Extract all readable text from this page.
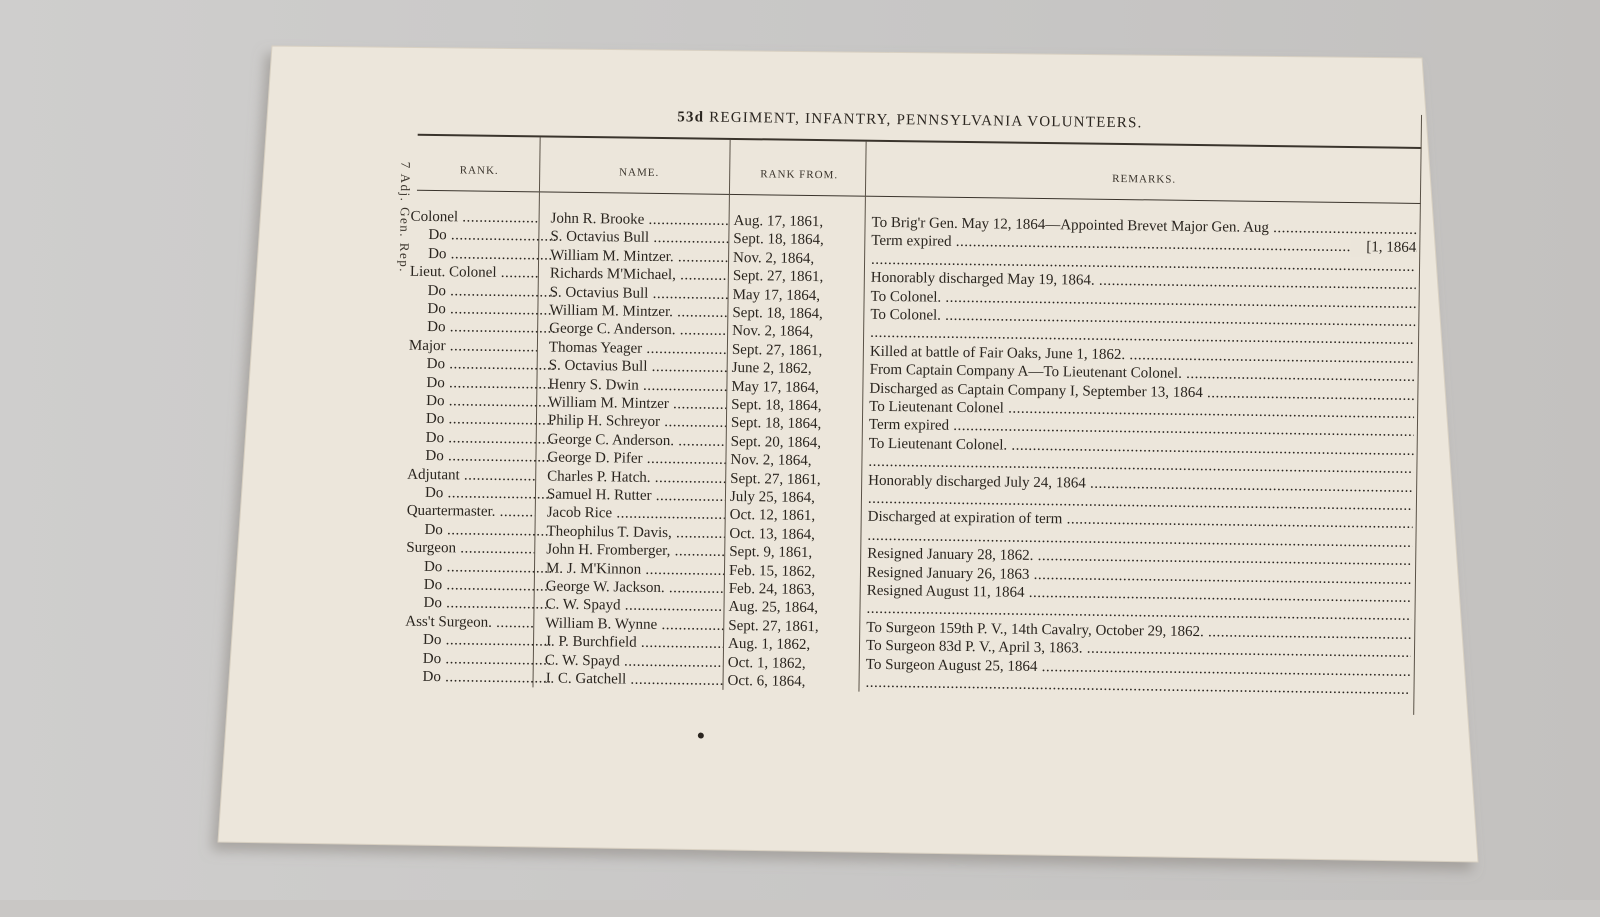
53d REGIMENT, INFANTRY, PENNSYLVANIA VOLUNTEERS.
7 Adj. Gen. Rep.	RANK.	NAME.	RANK FROM.	REMARKS.
Colonel .....	John R. Brooke .....	Aug. 17, 1861,	To Brig'r Gen. May 12, 1864—Appointed Brevet Major Gen. Aug .....
Do .....	S. Octavius Bull .....	Sept. 18, 1864,	Term expired .....	[1, 1864
Do .....	William M. Mintzer. .....	Nov. 2, 1864,
.....
Lieut. Colonel .....	Richards M'Michael, .....	Sept. 27, 1861,	Honorably discharged May 19, 1864. .....
Do .....	S. Octavius Bull .....	May 17, 1864,	To Colonel. .....
Do .....	William M. Mintzer. .....	Sept. 18, 1864,	To Colonel. .....
Do .....	George C. Anderson. .....	Nov. 2, 1864,
.....
Major .....	Thomas Yeager .....	Sept. 27, 1861,	Killed at battle of Fair Oaks, June 1, 1862. .....
Do .....	S. Octavius Bull .....	June 2, 1862,	From Captain Company A—To Lieutenant Colonel. .....
Do .....	Henry S. Dwin .....	May 17, 1864,	Discharged as Captain Company I, September 13, 1864 .....
Do .....	William M. Mintzer .....	Sept. 18, 1864,	To Lieutenant Colonel .....
Do .....	Philip H. Schreyor .....	Sept. 18, 1864,	Term expired .....
Do .....	George C. Anderson. .....	Sept. 20, 1864,	To Lieutenant Colonel. .....
Do .....	George D. Pifer .....	Nov. 2, 1864,
.....
Adjutant .....	Charles P. Hatch. .....	Sept. 27, 1861,	Honorably discharged July 24, 1864 .....
Do .....	Samuel H. Rutter .....	July 25, 1864,
.....
Quartermaster. .....	Jacob Rice .....	Oct. 12, 1861,	Discharged at expiration of term .....
Do .....	Theophilus T. Davis, .....	Oct. 13, 1864,
.....
Surgeon .....	John H. Fromberger, .....	Sept. 9, 1861,	Resigned January 28, 1862. .....
Do .....	M. J. M'Kinnon .....	Feb. 15, 1862,	Resigned January 26, 1863 .....
Do .....	George W. Jackson. .....	Feb. 24, 1863,	Resigned August 11, 1864 .....
Do .....	C. W. Spayd .....	Aug. 25, 1864,
.....
Ass't Surgeon. .....	William B. Wynne .....	Sept. 27, 1861,	To Surgeon 159th P. V., 14th Cavalry, October 29, 1862. .....
Do .....	J. P. Burchfield .....	Aug. 1, 1862,	To Surgeon 83d P. V., April 3, 1863. .....
Do .....	C. W. Spayd .....	Oct. 1, 1862,	To Surgeon August 25, 1864 .....
Do .....	J. C. Gatchell .....	Oct. 6, 1864,
.....
